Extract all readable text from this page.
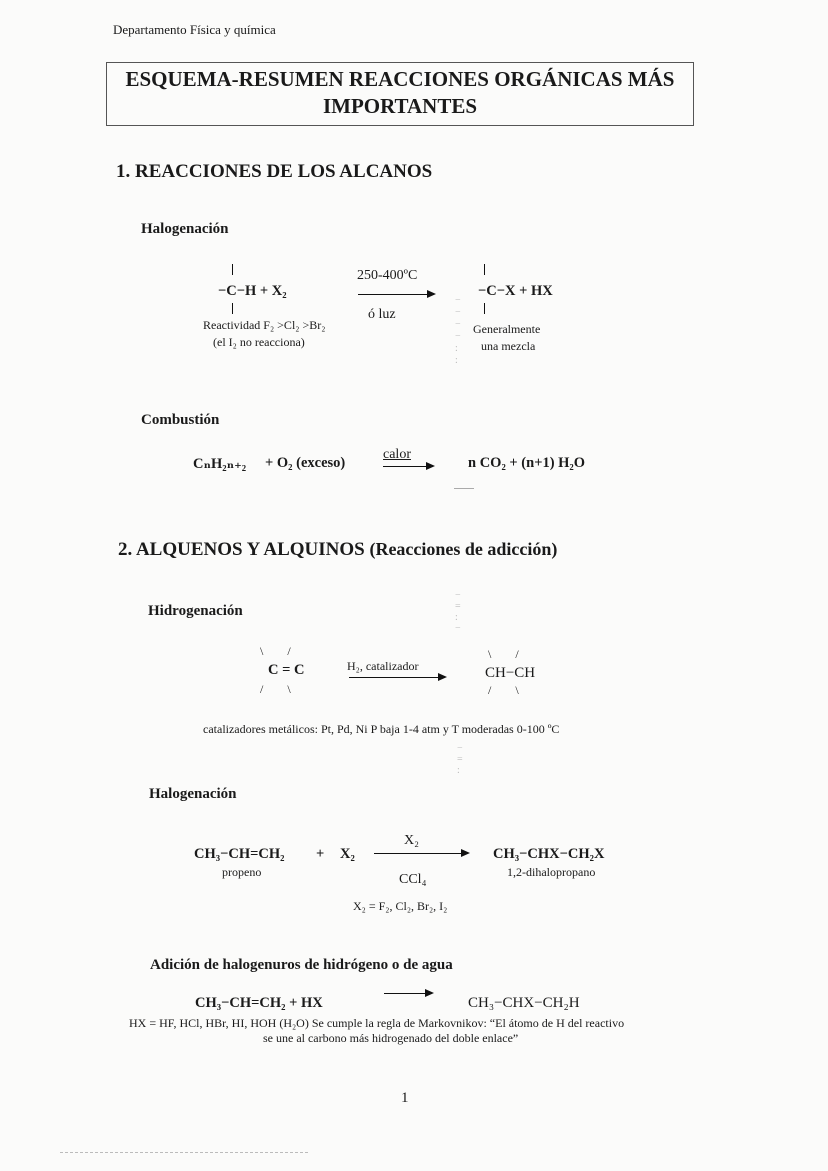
Departamento Física y química
ESQUEMA-RESUMEN REACCIONES ORGÁNICAS MÁS
IMPORTANTES
1. REACCIONES DE LOS ALCANOS
Halogenación
−C−H + X₂
250-400ºC
ó luz
−C−X + HX
Reactividad F₂ >Cl₂ >Br₂
(el I₂ no reacciona)
Generalmente
una mezcla
Combustión
CₙH₂ₙ₊₂ + O₂ (exceso)
calor
n CO₂ + (n+1) H₂O
−
−
−
−
:
:
2. ALQUENOS Y ALQUINOS (Reacciones de adicción)
Hidrogenación
\        /
C = C
/        \
H₂, catalizador
\        /
CH−CH
/        \
catalizadores metálicos: Pt, Pd, Ni P baja 1-4 atm y T moderadas 0-100 ºC
Halogenación
CH₃−CH=CH₂ + X₂
X₂
CCl₄
CH₃−CHX−CH₂X
propeno	1,2-dihalopropano
X₂ = F₂, Cl₂, Br₂, I₂
Adición de halogenuros de hidrógeno o de agua
CH₃−CH=CH₂ + HX	CH₃−CHX−CH₂H
HX = HF, HCl, HBr, HI, HOH (H₂O) Se cumple la regla de Markovnikov: “El átomo de H del reactivo
se une al carbono más hidrogenado del doble enlace”
−
=
:
−
−
=
:
1
